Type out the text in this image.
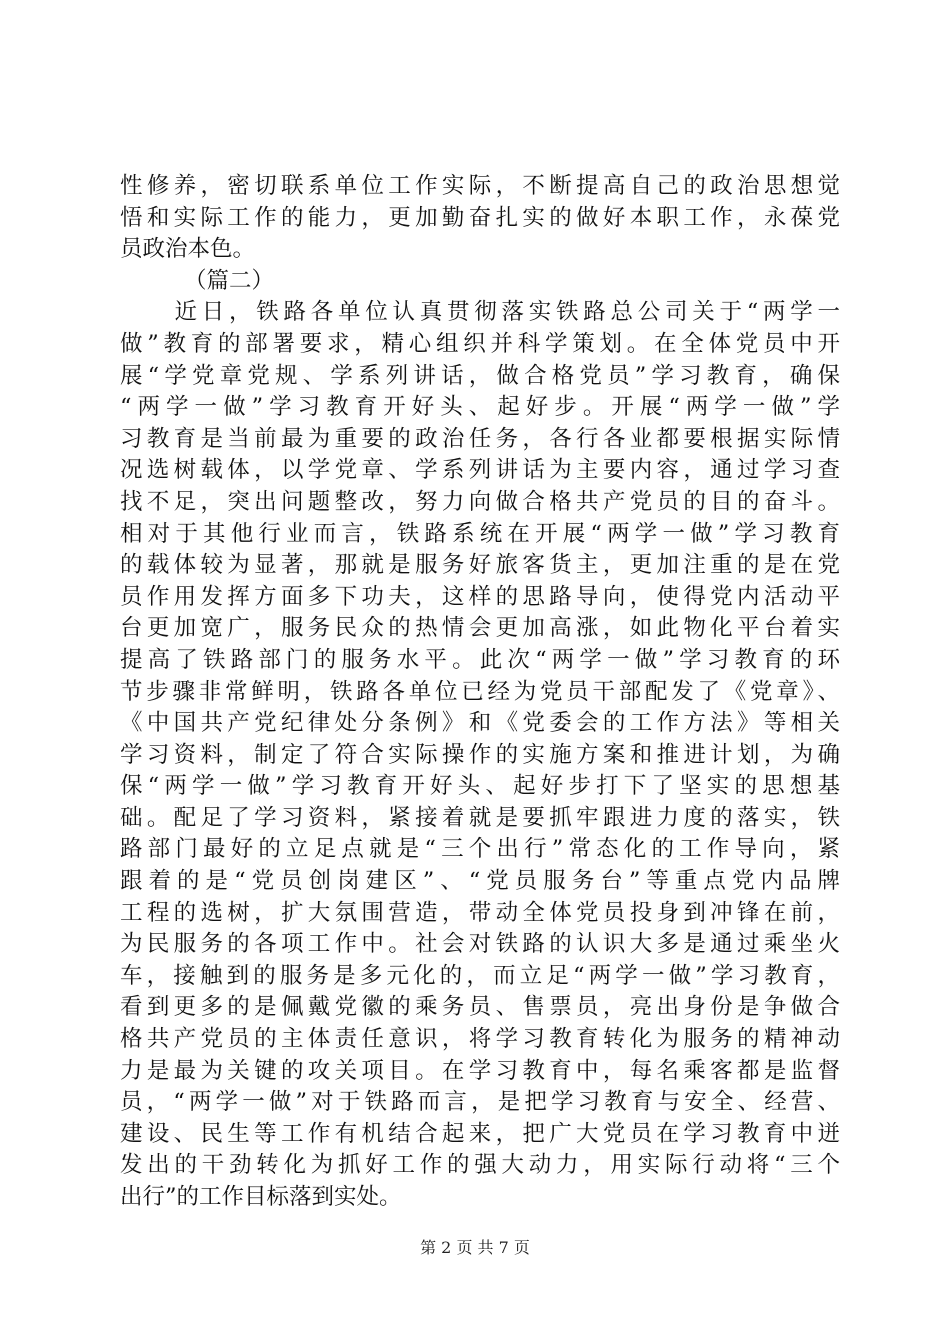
性修养，密切联系单位工作实际，不断提高自己的政治思想觉
悟和实际工作的能力，更加勤奋扎实的做好本职工作，永葆党
员政治本色。
（篇二）
　　近日，铁路各单位认真贯彻落实铁路总公司关于“两学一
做”教育的部署要求，精心组织并科学策划。在全体党员中开
展“学党章党规、学系列讲话，做合格党员”学习教育，确保
“两学一做”学习教育开好头、起好步。开展“两学一做”学
习教育是当前最为重要的政治任务，各行各业都要根据实际情
况选树载体，以学党章、学系列讲话为主要内容，通过学习查
找不足，突出问题整改，努力向做合格共产党员的目的奋斗。
相对于其他行业而言，铁路系统在开展“两学一做”学习教育
的载体较为显著，那就是服务好旅客货主，更加注重的是在党
员作用发挥方面多下功夫，这样的思路导向，使得党内活动平
台更加宽广，服务民众的热情会更加高涨，如此物化平台着实
提高了铁路部门的服务水平。此次“两学一做”学习教育的环
节步骤非常鲜明，铁路各单位已经为党员干部配发了《党章》、
《中国共产党纪律处分条例》和《党委会的工作方法》等相关
学习资料，制定了符合实际操作的实施方案和推进计划，为确
保“两学一做”学习教育开好头、起好步打下了坚实的思想基
础。配足了学习资料，紧接着就是要抓牢跟进力度的落实，铁
路部门最好的立足点就是“三个出行”常态化的工作导向，紧
跟着的是“党员创岗建区”、“党员服务台”等重点党内品牌
工程的选树，扩大氛围营造，带动全体党员投身到冲锋在前，
为民服务的各项工作中。社会对铁路的认识大多是通过乘坐火
车，接触到的服务是多元化的，而立足“两学一做”学习教育，
看到更多的是佩戴党徽的乘务员、售票员，亮出身份是争做合
格共产党员的主体责任意识，将学习教育转化为服务的精神动
力是最为关键的攻关项目。在学习教育中，每名乘客都是监督
员，“两学一做”对于铁路而言，是把学习教育与安全、经营、
建设、民生等工作有机结合起来，把广大党员在学习教育中迸
发出的干劲转化为抓好工作的强大动力，用实际行动将“三个
出行”的工作目标落到实处。
第 2 页 共 7 页
